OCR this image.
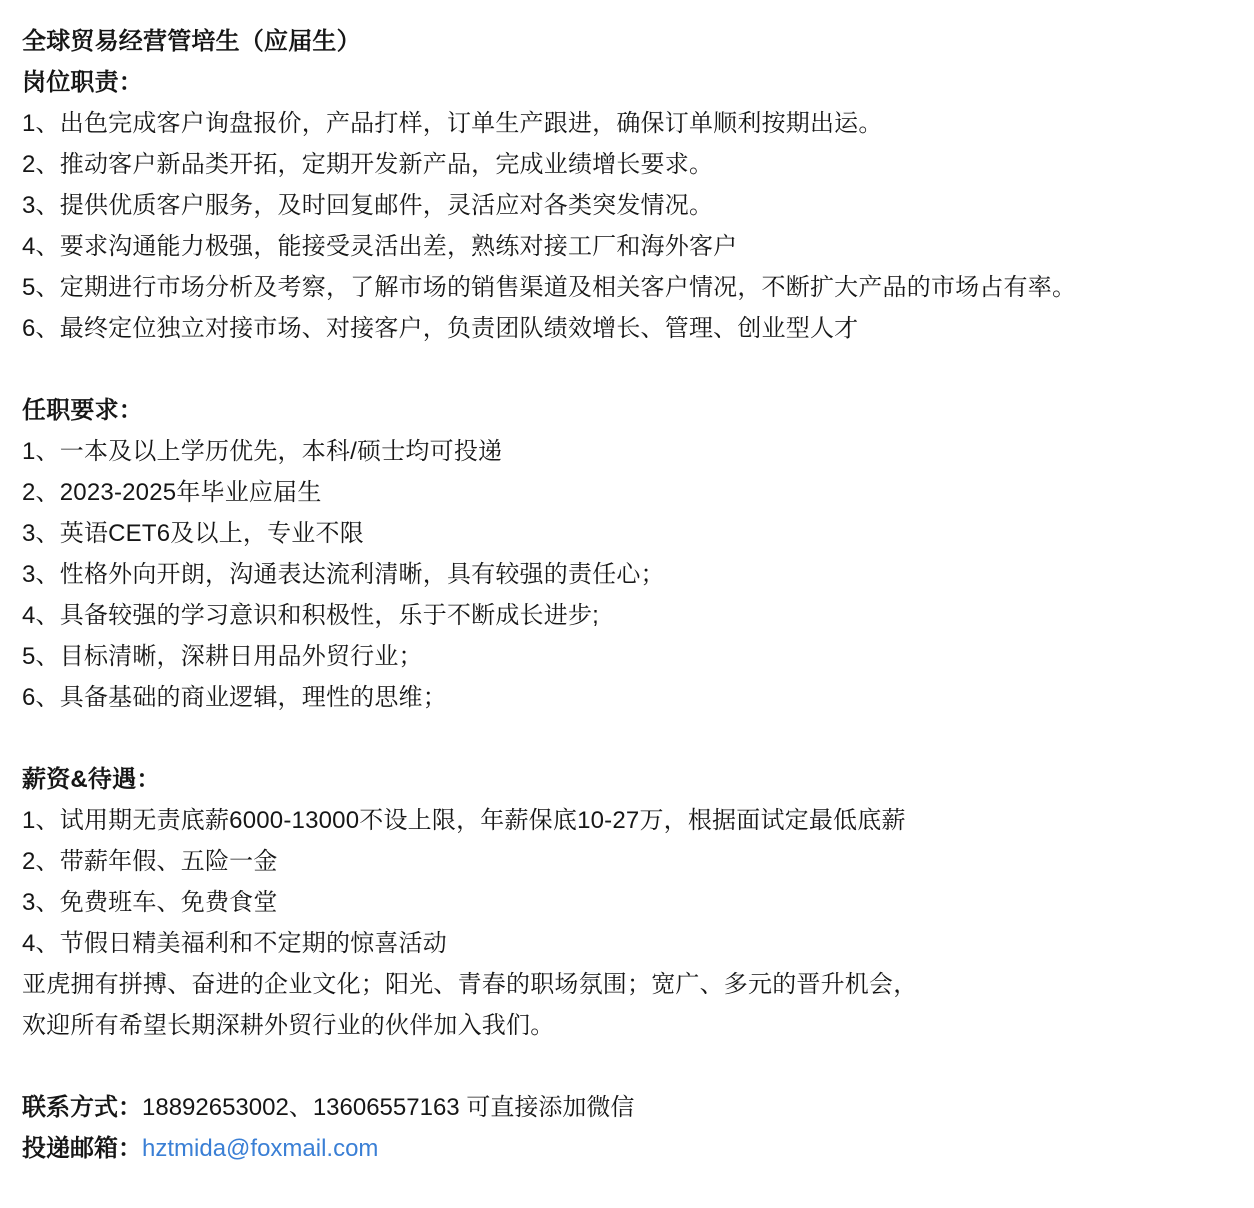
全球贸易经营管培生（应届生）
岗位职责：
1、出色完成客户询盘报价，产品打样，订单生产跟进，确保订单顺利按期出运。
2、推动客户新品类开拓，定期开发新产品，完成业绩增长要求。
3、提供优质客户服务，及时回复邮件，灵活应对各类突发情况。
4、要求沟通能力极强，能接受灵活出差，熟练对接工厂和海外客户
5、定期进行市场分析及考察，了解市场的销售渠道及相关客户情况，不断扩大产品的市场占有率。
6、最终定位独立对接市场、对接客户，负责团队绩效增长、管理、创业型人才
任职要求：
1、一本及以上学历优先，本科/硕士均可投递
2、2023-2025年毕业应届生
3、英语CET6及以上，专业不限
3、性格外向开朗，沟通表达流利清晰，具有较强的责任心；
4、具备较强的学习意识和积极性，乐于不断成长进步;
5、目标清晰，深耕日用品外贸行业；
6、具备基础的商业逻辑，理性的思维；
薪资&待遇：
1、试用期无责底薪6000-13000不设上限，年薪保底10-27万，根据面试定最低底薪
2、带薪年假、五险一金
3、免费班车、免费食堂
4、节假日精美福利和不定期的惊喜活动
亚虎拥有拼搏、奋进的企业文化；阳光、青春的职场氛围；宽广、多元的晋升机会，
欢迎所有希望长期深耕外贸行业的伙伴加入我们。
联系方式：18892653002、13606557163 可直接添加微信
投递邮箱：hztmida@foxmail.com
